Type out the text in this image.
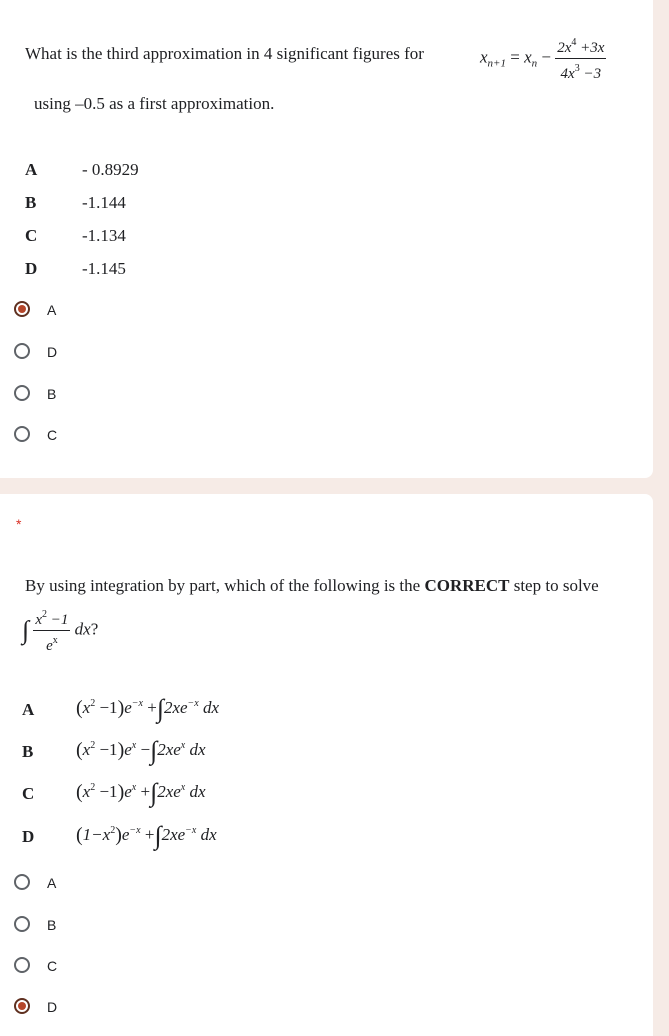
What is the third approximation in 4 significant figures for	$x_{n+1} = x_n - \frac{2x^4 +3x}{4x^3 -3}$
using –0.5 as a first approximation.
A	- 0.8929
B	-1.144
C	-1.134
D	-1.145
A
D
B
C
*
By using integration by part, which of the following is the CORRECT step to solve
∫ $\frac{x^2 -1}{e^x}$ dx?
A $(x^2 -1)e^{-x} +\int 2xe^{-x}$ dx
B $(x^2 -1)e^x -\int 2xe^x$ dx
C $(x^2 -1)e^x +\int 2xe^x$ dx
D $(1-x^2)e^{-x} +\int 2xe^{-x}$ dx
A
B
C
D
